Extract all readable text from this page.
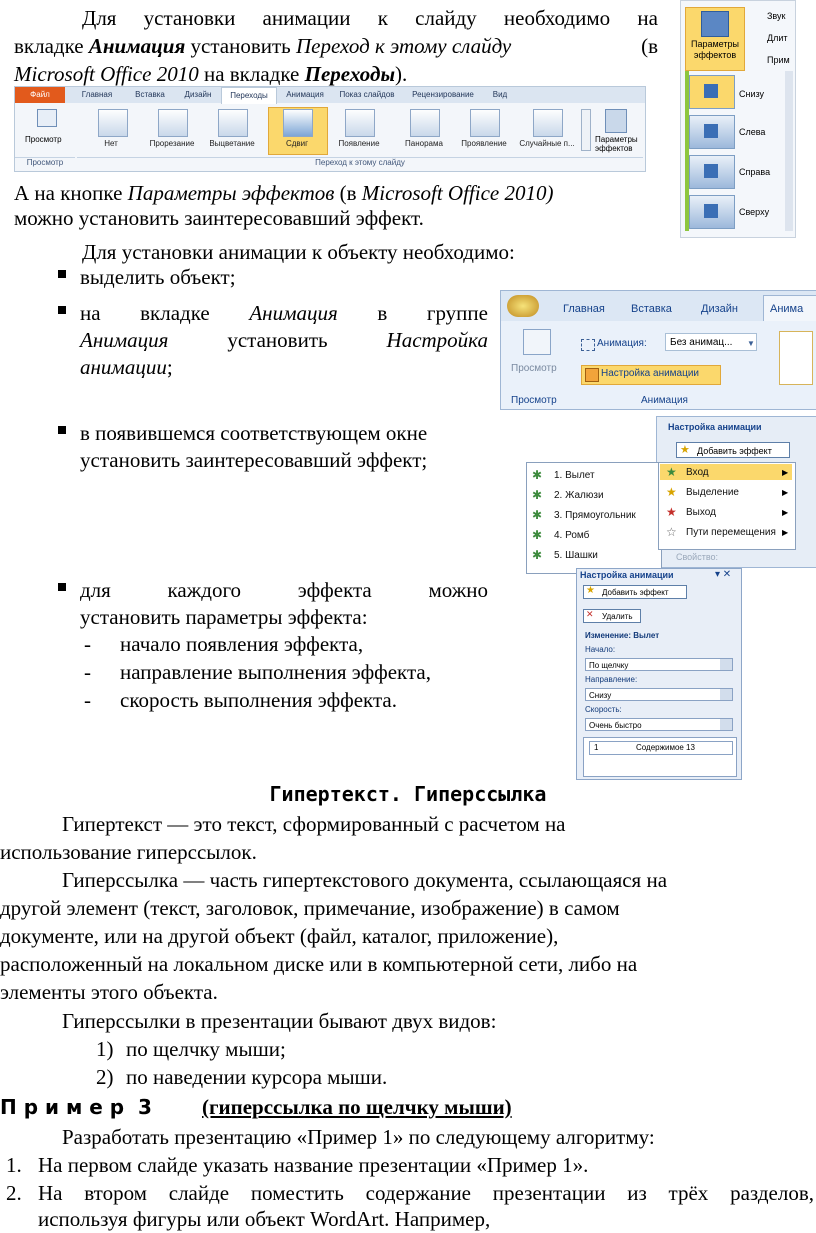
Для установки анимации к слайду необходимо на
вкладке Анимация установить Переход к этому слайду	(в
Microsoft Office 2010 на вкладке Переходы).
Файл	Главная	Вставка	Дизайн	Переходы	Анимация	Показ слайдов	Рецензирование	Вид
Просмотр	Нет	Прорезание	Выцветание	Сдвиг	Появление	Панорама	Проявление	Случайные п...	Параметры эффектов
Просмотр	Переход к этому слайду
Параметры эффектов
Звук
Длит
Прим
Снизу
Слева
Справа
Сверху
А на кнопке Параметры эффектов (в Microsoft Office 2010)
можно установить заинтересовавший эффект.
Для установки анимации к объекту необходимо:
выделить объект;
на вкладке Анимация в группе
Анимация	установить	Настройка
анимации;
в появившемся соответствующем окне
установить заинтересовавший эффект;
для	каждого	эффекта	можно
установить параметры эффекта:
- начало появления эффекта,
- направление выполнения эффекта,
- скорость выполнения эффекта.
Главная Вставка	Дизайн	Анима
Просмотр
Анимация:	Без анимац...	▼
Настройка анимации
Просмотр	Анимация
Настройка анимации
Добавить эффект
★
1. Вылет
2. Жалюзи
3. Прямоугольник
4. Ромб
5. Шашки
✱
✱
✱
✱
✱
Вход
Выделение
Выход
Пути перемещения
★
★
★
☆
▶
▶
▶
▶
Свойство:
Настройка анимации	▾ ✕
Добавить эффект
★
Удалить
✕
Изменение: Вылет
Начало:
По щелчку
Направление:
Снизу
Скорость:
Очень быстро
1	Содержимое 13
Гипертекст. Гиперссылка
Гипертекст — это текст, сформированный с расчетом на
использование гиперссылок.
Гиперссылка — часть гипертекстового документа, ссылающаяся на
другой элемент (текст, заголовок, примечание, изображение) в самом
документе, или на другой объект (файл, каталог, приложение),
расположенный на локальном диске или в компьютерной сети, либо на
элементы этого объекта.
Гиперссылки в презентации бывают двух видов:
1) по щелчку мыши;
2) по наведении курсора мыши.
П р и м е р  3 (гиперссылка по щелчку мыши)
Разработать презентацию «Пример 1» по следующему алгоритму:
1. На первом слайде указать название презентации «Пример 1».
2. На втором слайде поместить содержание презентации из трёх разделов,
используя фигуры или объект WordArt. Например,
